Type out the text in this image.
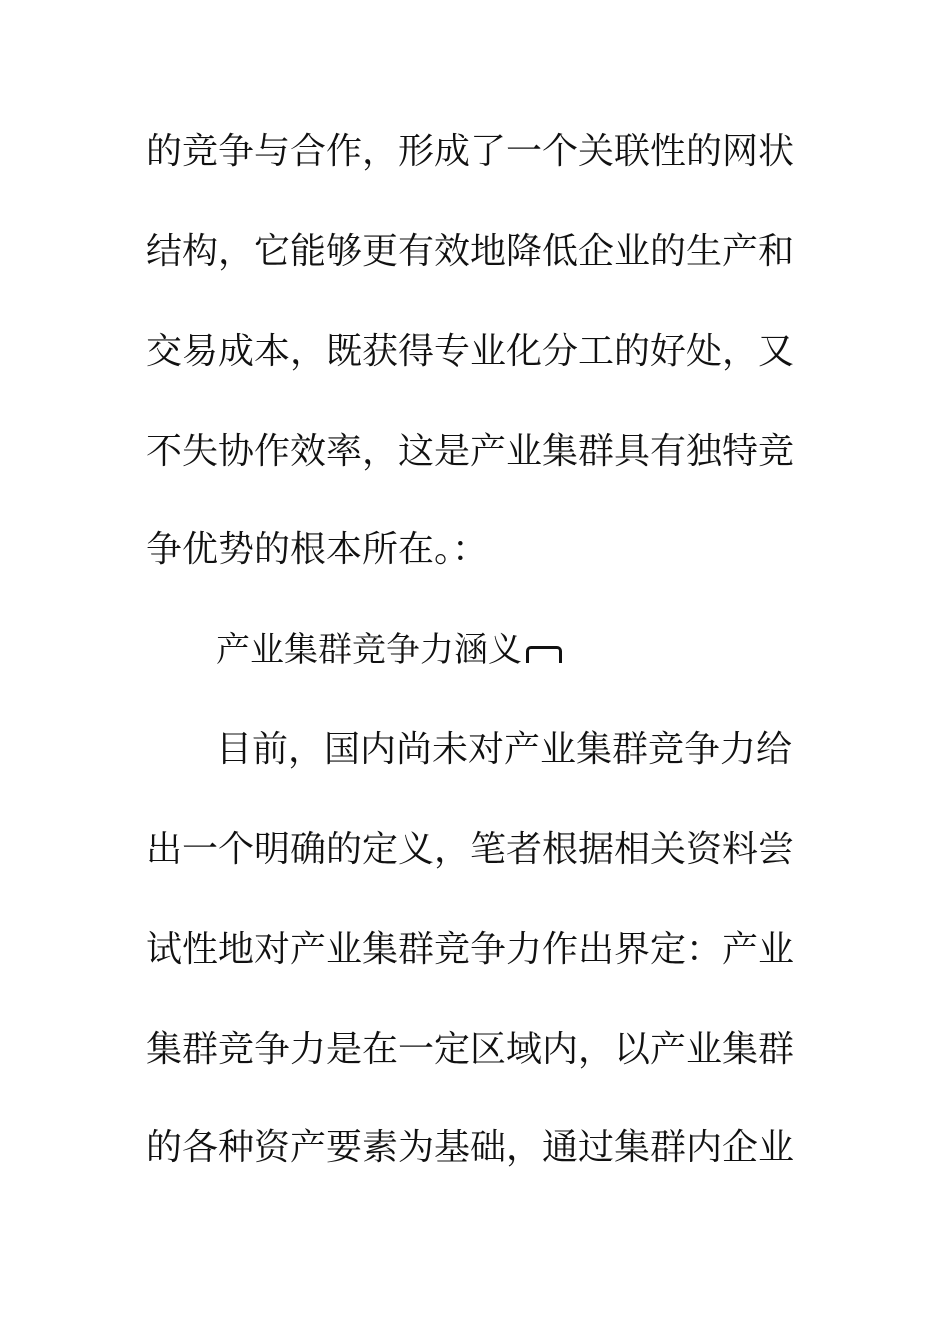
的竞争与合作，形成了一个关联性的网状
结构，它能够更有效地降低企业的生产和
交易成本，既获得专业化分工的好处，又
不失协作效率，这是产业集群具有独特竞
争优势的根本所在。：
产业集群竞争力涵义
目前，国内尚未对产业集群竞争力给
出一个明确的定义，笔者根据相关资料尝
试性地对产业集群竞争力作出界定：产业
集群竞争力是在一定区域内，以产业集群
的各种资产要素为基础，通过集群内企业
